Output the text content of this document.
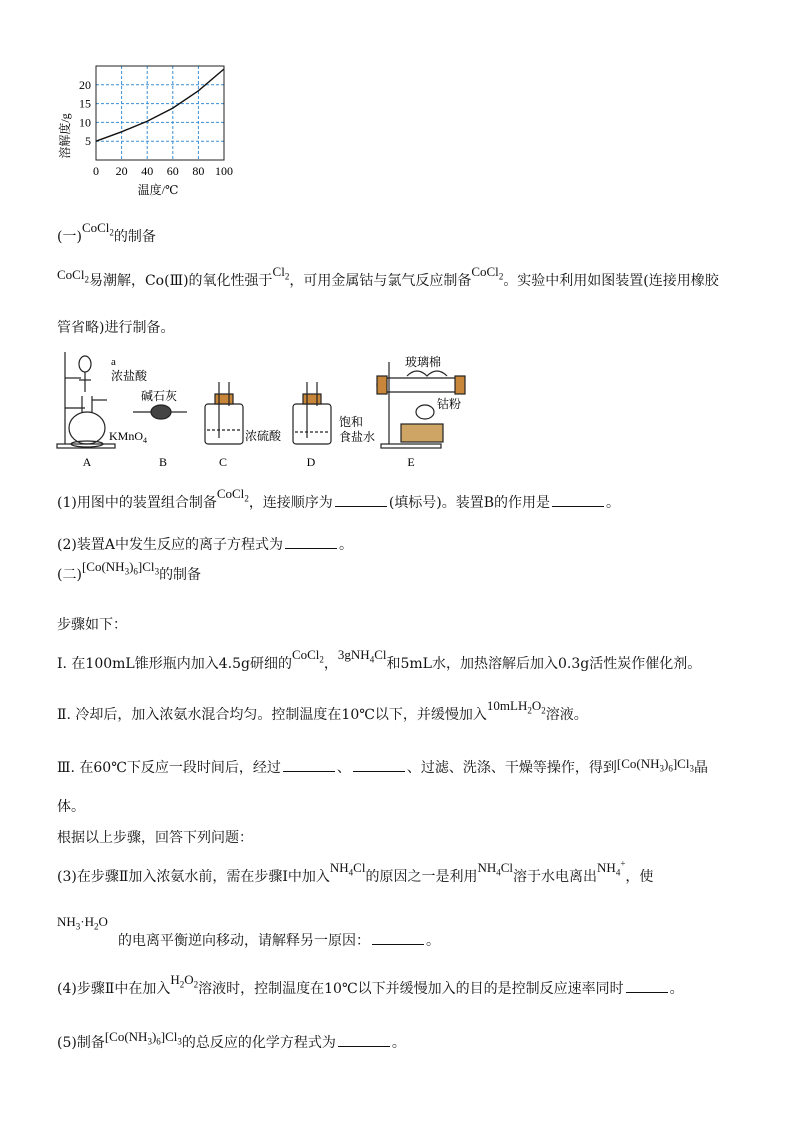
0 20 40 60 80 100
5
10
15
20
溶解度/g
温度/℃
(一)CoCl$_2$的制备
CoCl$_2$易潮解，Co(Ⅲ)的氧化性强于$Cl_2$，可用金属钴与氯气反应制备CoCl$_2$。实验中利用如图装置(连接用橡胶
管省略)进行制备。
a
浓盐酸
KMnO$_4$
碱石灰
浓硫酸
饱和
食盐水
玻璃棉
钴粉
A	B	C	D	E
(1)用图中的装置组合制备CoCl$_2$，连接顺序为	(填标号)。装置B的作用是	。
(2)装置A中发生反应的离子方程式为	。
(二)$[Co(NH_3)_6]Cl_3$的制备
步骤如下：
Ⅰ. 在100mL锥形瓶内加入4.5g研细的CoCl$_2$，3gNH$_4$Cl和5mL水，加热溶解后加入0.3g活性炭作催化剂。
Ⅱ. 冷却后，加入浓氨水混合均匀。控制温度在10℃以下，并缓慢加入$10mLH_2O_2$溶液。
Ⅲ. 在60℃下反应一段时间后，经过	、	、过滤、洗涤、干燥等操作，得到$[Co(NH_3)_6]Cl_3$晶
体。
根据以上步骤，回答下列问题：
(3)在步骤Ⅱ加入浓氨水前，需在步骤Ⅰ中加入$NH_4Cl$的原因之一是利用$NH_4Cl$溶于水电离出$NH_4^+$，使
$NH_3\cdot H_2O$
的电离平衡逆向移动，请解释另一原因：	。
(4)步骤Ⅱ中在加入$H_2O_2$溶液时，控制温度在10℃以下并缓慢加入的目的是控制反应速率同时	。
(5)制备$[Co(NH_3)_6]Cl_3$的总反应的化学方程式为	。
